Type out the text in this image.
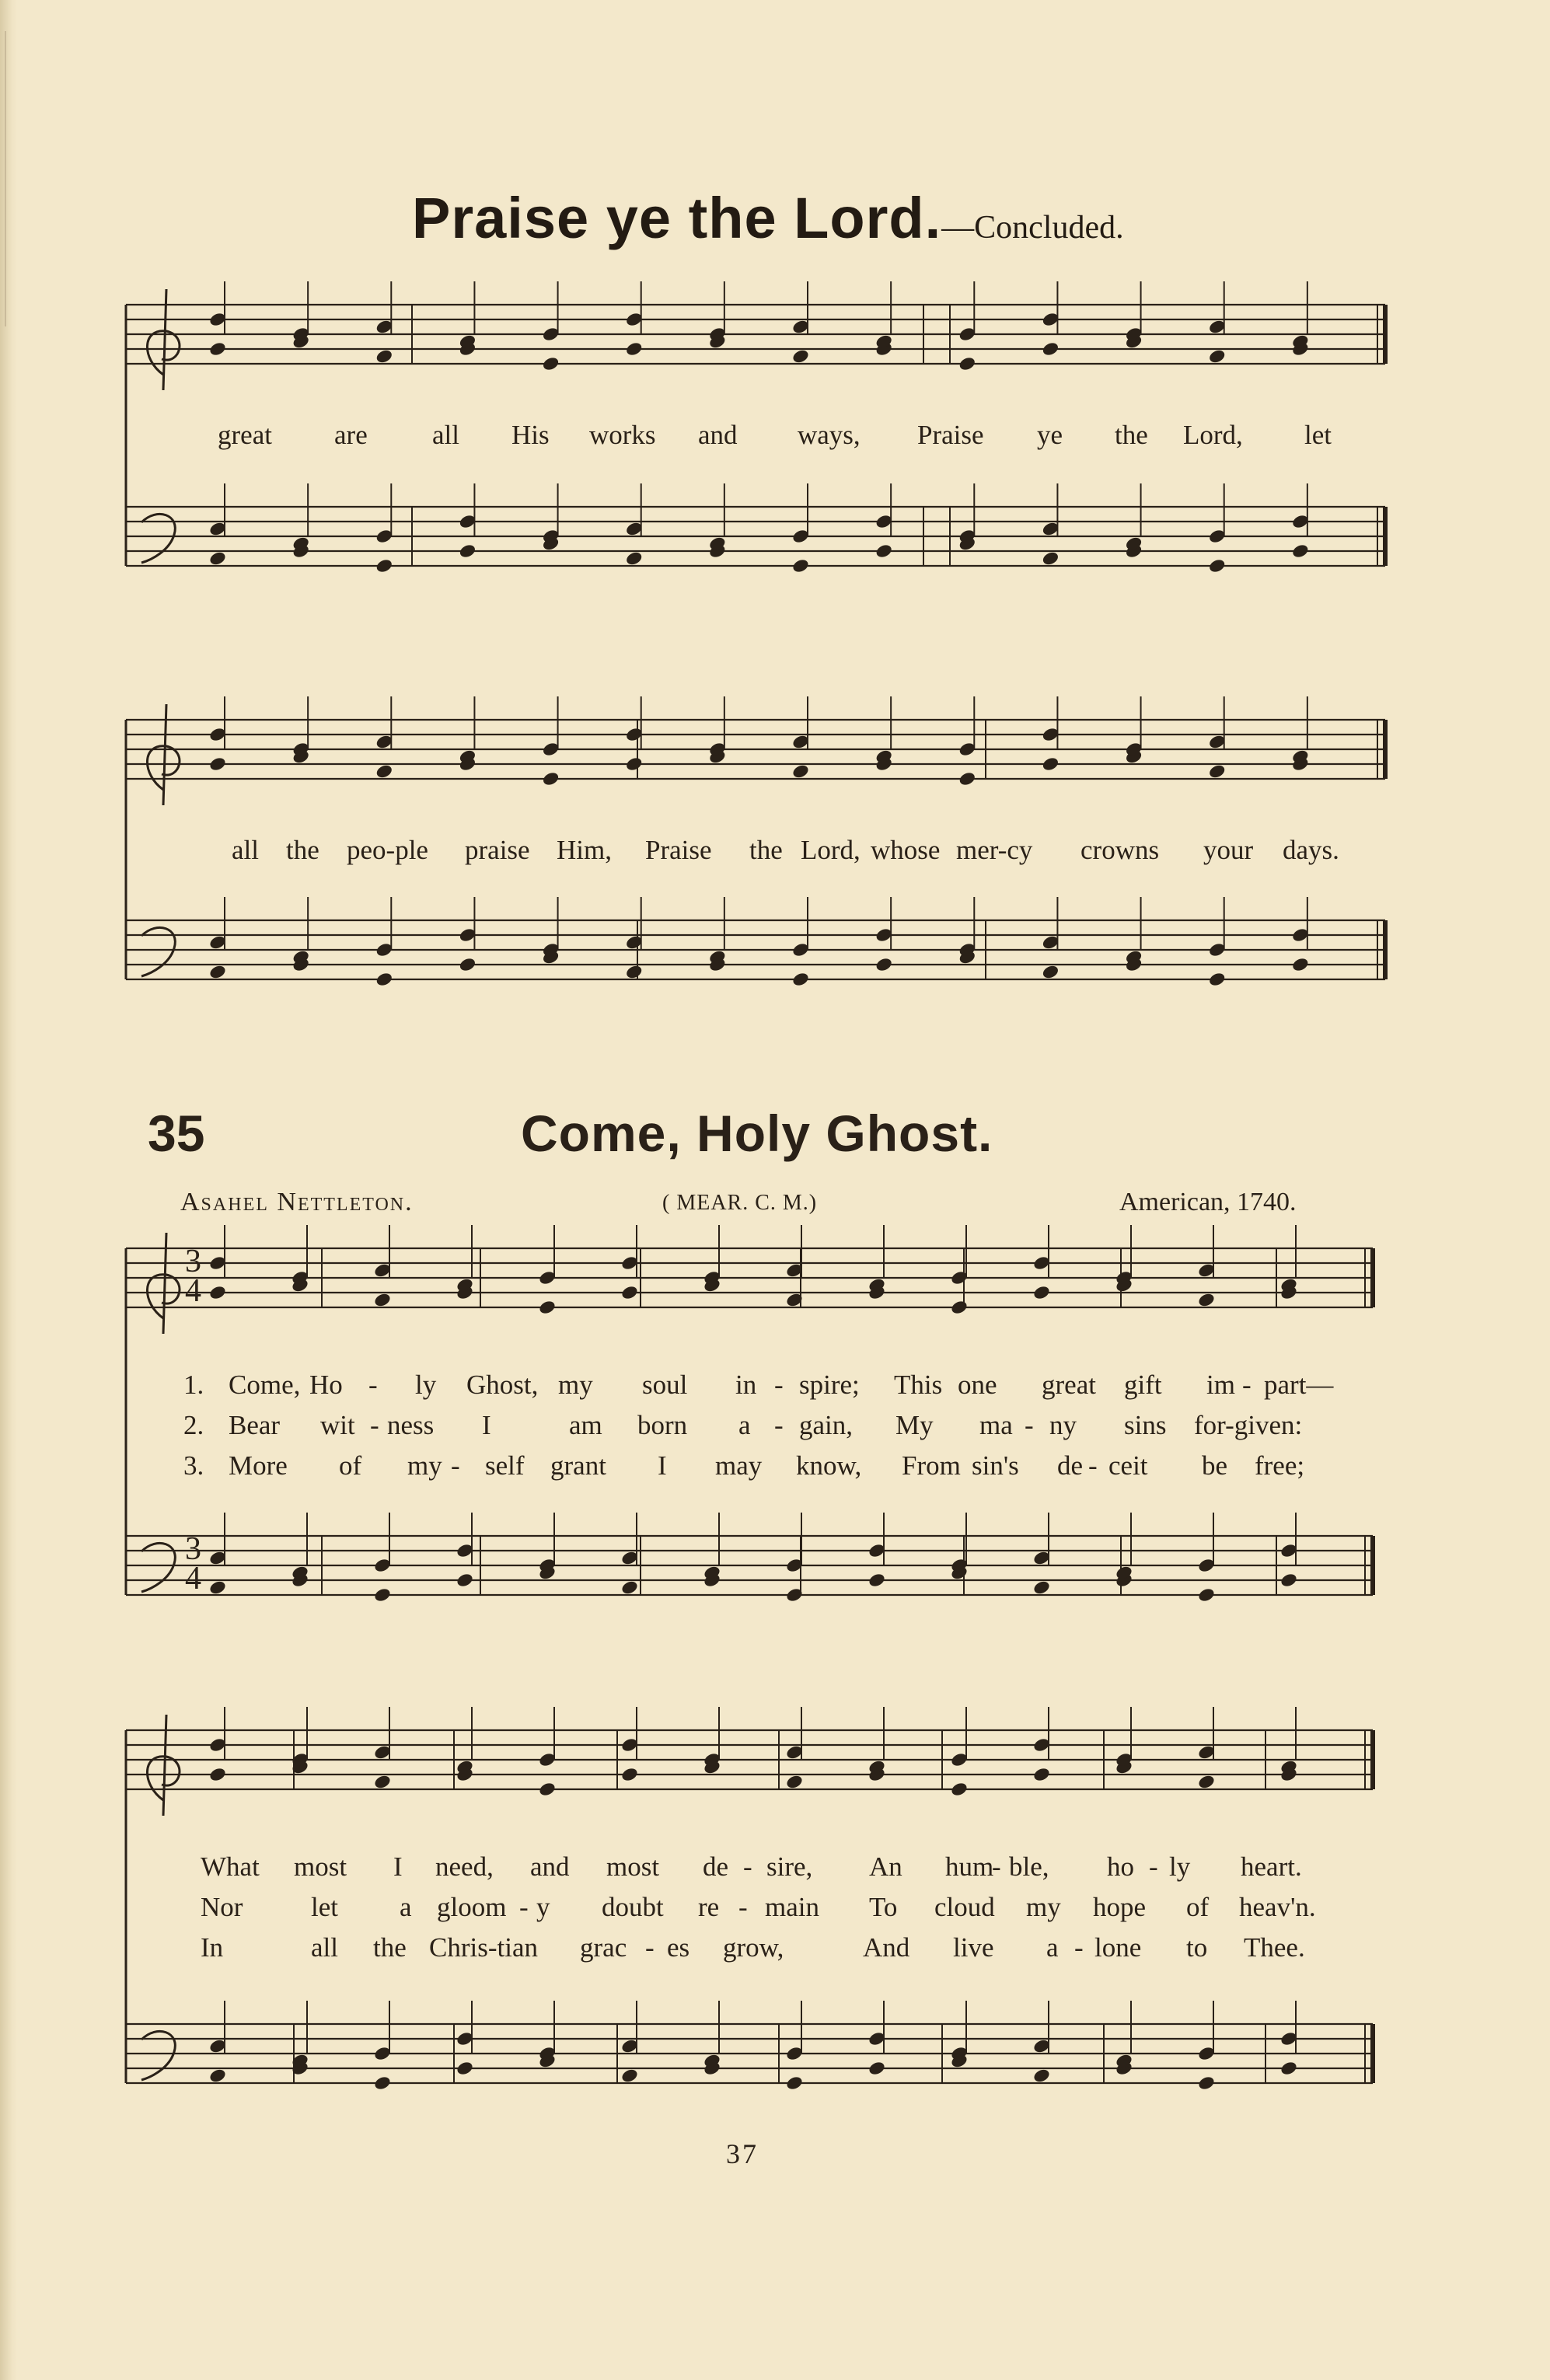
Praise ye the Lord.—Concluded.
3
4
3
4
great are all His works and ways, Praise ye the Lord, let
all the peo-ple praise Him, Praise the Lord, whose mer-cy crowns your days.
35	Come, Holy Ghost.
Asahel Nettleton.	( MEAR. C. M.)	American, 1740.
1. Come, Ho - ly Ghost, my soul in - spire; This one great gift im - part—
2. Bear wit - ness I	am born a - gain, My ma - ny sins for-given:
3. More of my - self grant I may know, From sin's de - ceit be free;
What most I need, and most de - sire, An hum
- ble, ho - ly heart.
Nor	let a gloom - y doubt re - main To cloud my hope of heav'n.
In	all the Chris-tian grac - es grow,	And live a - lone to Thee.
37
